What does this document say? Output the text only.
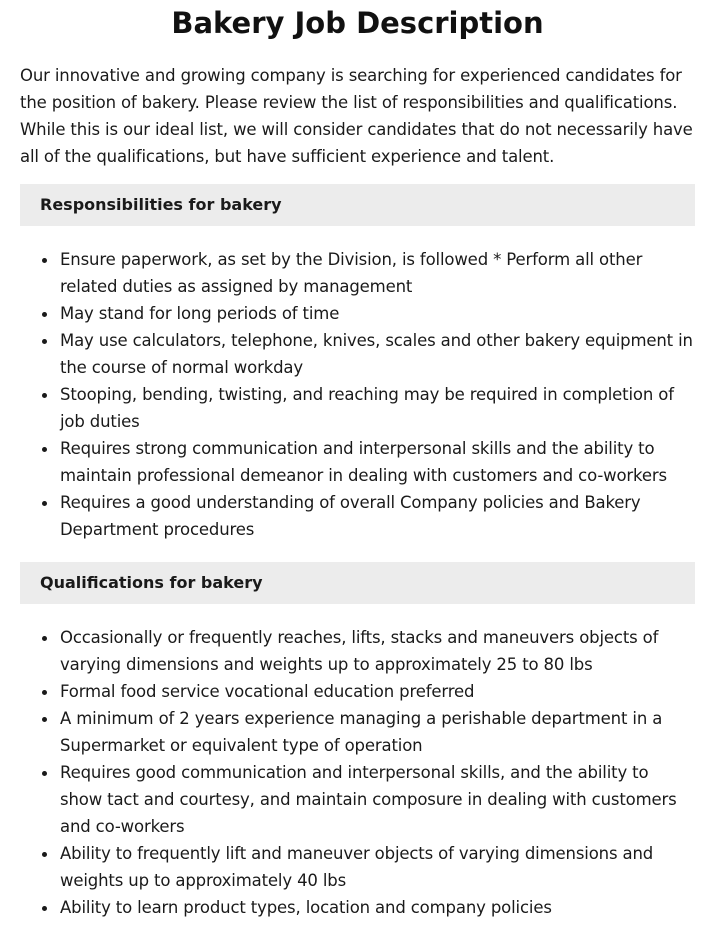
Bakery Job Description

Our innovative and growing company is searching for experienced candidates for the position of bakery. Please review the list of responsibilities and qualifications. While this is our ideal list, we will consider candidates that do not necessarily have all of the qualifications, but have sufficient experience and talent.

Responsibilities for bakery
Ensure paperwork, as set by the Division, is followed * Perform all other related duties as assigned by management
May stand for long periods of time
May use calculators, telephone, knives, scales and other bakery equipment in the course of normal workday
Stooping, bending, twisting, and reaching may be required in completion of job duties
Requires strong communication and interpersonal skills and the ability to maintain professional demeanor in dealing with customers and co-workers
Requires a good understanding of overall Company policies and Bakery Department procedures
Qualifications for bakery
Occasionally or frequently reaches, lifts, stacks and maneuvers objects of varying dimensions and weights up to approximately 25 to 80 lbs
Formal food service vocational education preferred
A minimum of 2 years experience managing a perishable department in a Supermarket or equivalent type of operation
Requires good communication and interpersonal skills, and the ability to show tact and courtesy, and maintain composure in dealing with customers and co-workers
Ability to frequently lift and maneuver objects of varying dimensions and weights up to approximately 40 lbs
Ability to learn product types, location and company policies
